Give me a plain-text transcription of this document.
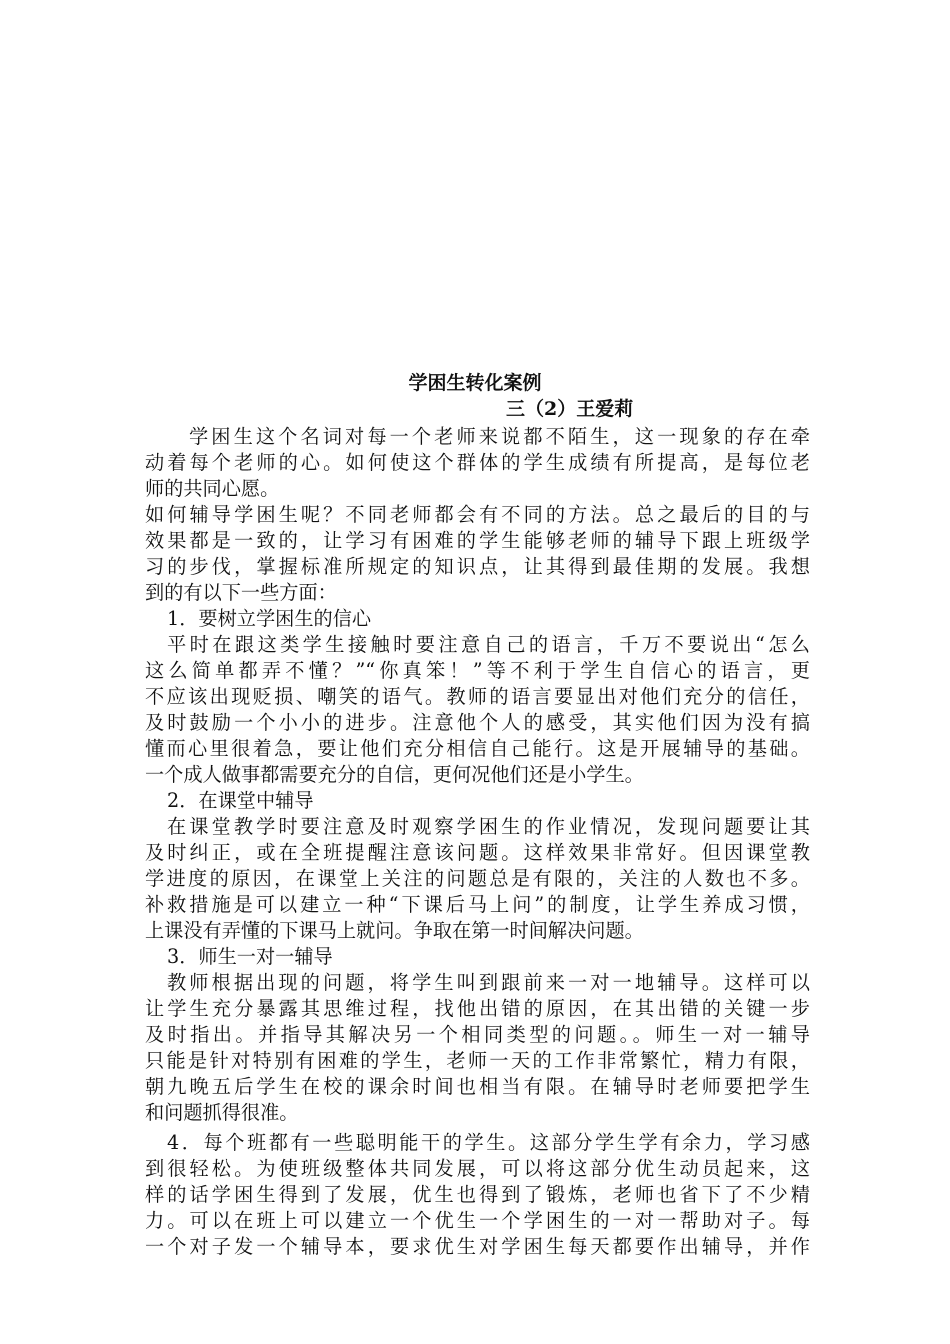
学困生转化案例

三（2）王爱莉

学困生这个名词对每一个老师来说都不陌生，这一现象的存在牵
动着每个老师的心。如何使这个群体的学生成绩有所提高，是每位老
师的共同心愿。
如何辅导学困生呢？不同老师都会有不同的方法。总之最后的目的与
效果都是一致的，让学习有困难的学生能够老师的辅导下跟上班级学
习的步伐，掌握标准所规定的知识点，让其得到最佳期的发展。我想
到的有以下一些方面：
1．要树立学困生的信心
平时在跟这类学生接触时要注意自己的语言，千万不要说出“怎么
这么简单都弄不懂？”“你真笨！”等不利于学生自信心的语言，更
不应该出现贬损、嘲笑的语气。教师的语言要显出对他们充分的信任，
及时鼓励一个小小的进步。注意他个人的感受，其实他们因为没有搞
懂而心里很着急，要让他们充分相信自己能行。这是开展辅导的基础。
一个成人做事都需要充分的自信，更何况他们还是小学生。
2．在课堂中辅导
在课堂教学时要注意及时观察学困生的作业情况，发现问题要让其
及时纠正，或在全班提醒注意该问题。这样效果非常好。但因课堂教
学进度的原因，在课堂上关注的问题总是有限的，关注的人数也不多。
补救措施是可以建立一种“下课后马上问”的制度，让学生养成习惯，
上课没有弄懂的下课马上就问。争取在第一时间解决问题。
3．师生一对一辅导
教师根据出现的问题，将学生叫到跟前来一对一地辅导。这样可以
让学生充分暴露其思维过程，找他出错的原因，在其出错的关键一步
及时指出。并指导其解决另一个相同类型的问题。。师生一对一辅导
只能是针对特别有困难的学生，老师一天的工作非常繁忙，精力有限，
朝九晚五后学生在校的课余时间也相当有限。在辅导时老师要把学生
和问题抓得很准。
4．每个班都有一些聪明能干的学生。这部分学生学有余力，学习感
到很轻松。为使班级整体共同发展，可以将这部分优生动员起来，这
样的话学困生得到了发展，优生也得到了锻炼，老师也省下了不少精
力。可以在班上可以建立一个优生一个学困生的一对一帮助对子。每
一个对子发一个辅导本，要求优生对学困生每天都要作出辅导，并作
